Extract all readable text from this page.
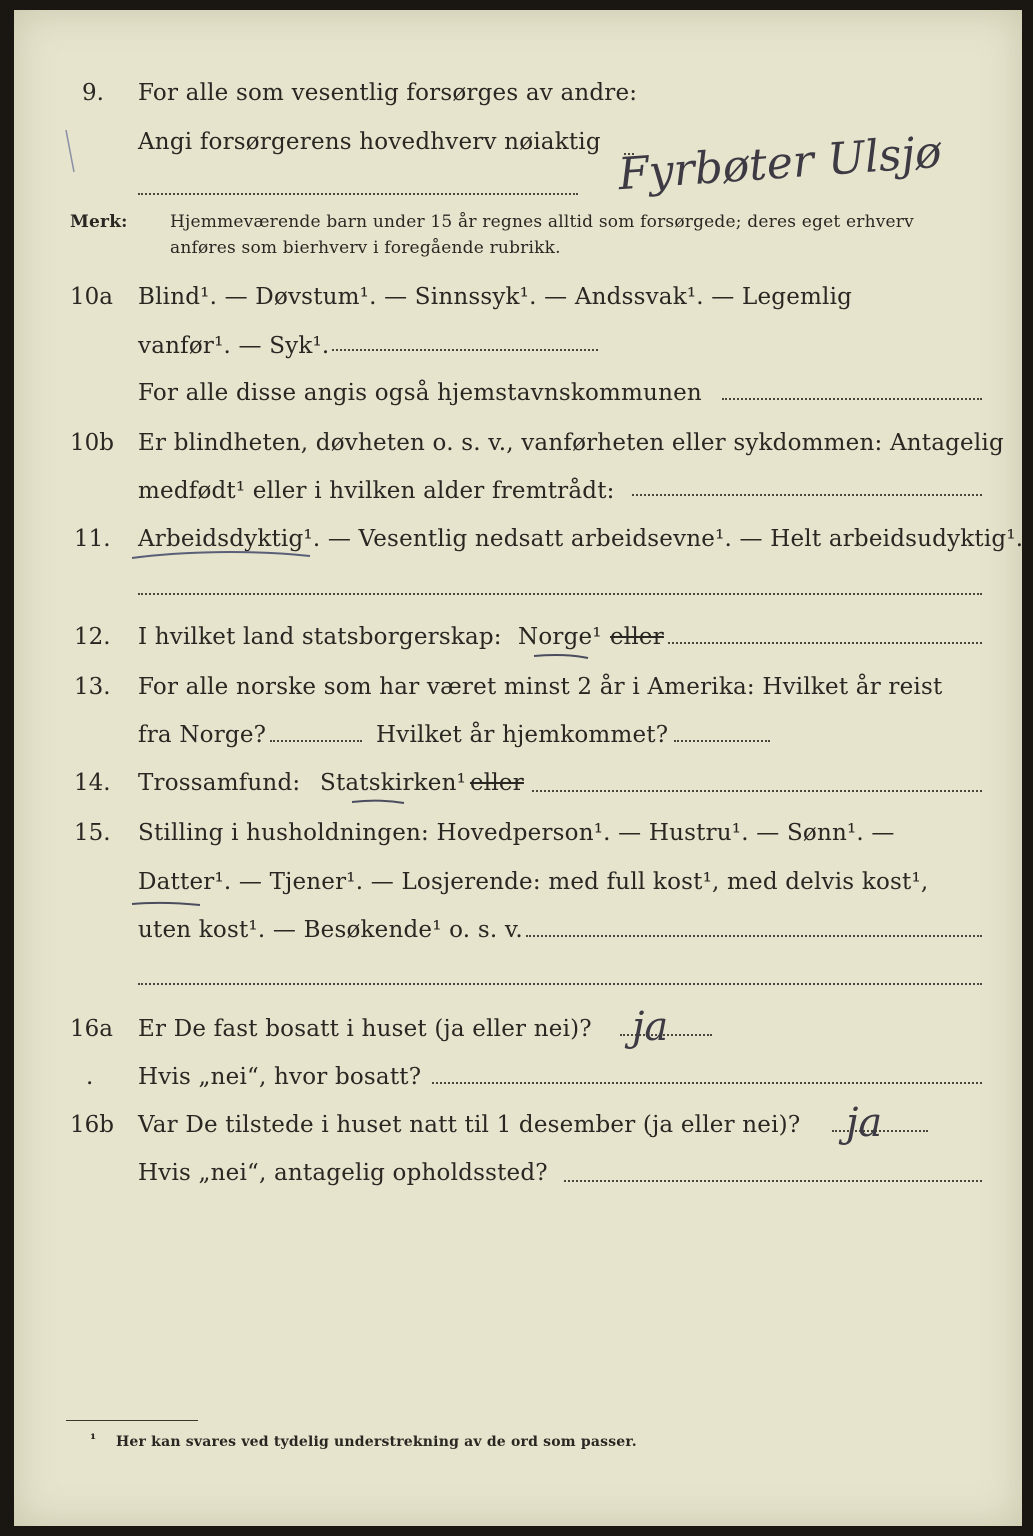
9. For alle som vesentlig forsørges av andre:
Angi forsørgerens hovedhverv nøiaktig Fyrbøter Ulsjø
Merk: Hjemmeværende barn under 15 år regnes alltid som forsørgede; deres eget erhverv
anføres som bierhverv i foregående rubrikk.
10a Blind¹. — Døvstum¹. — Sinnssyk¹. — Andssvak¹. — Legemlig
vanfør¹. — Syk¹.
For alle disse angis også hjemstavnskommunen
10b Er blindheten, døvheten o. s. v., vanførheten eller sykdommen: Antagelig
medfødt¹ eller i hvilken alder fremtrådt:
11. Arbeidsdyktig¹. — Vesentlig nedsatt arbeidsevne¹. — Helt arbeidsudyktig¹.
12. I hvilket land statsborgerskap: Norge¹ eller
13. For alle norske som har været minst 2 år i Amerika: Hvilket år reist
fra Norge?	Hvilket år hjemkommet?
14. Trossamfund: Statskirken¹ eller
15. Stilling i husholdningen: Hovedperson¹. — Hustru¹. — Sønn¹. —
Datter¹. — Tjener¹. — Losjerende: med full kost¹, med delvis kost¹,
uten kost¹. — Besøkende¹ o. s. v.
16a Er De fast bosatt i huset (ja eller nei)? ja
. Hvis „nei“, hvor bosatt?
16b Var De tilstede i huset natt til 1 desember (ja eller nei)? ja
Hvis „nei“, antagelig opholdssted?
¹ Her kan svares ved tydelig understrekning av de ord som passer.
